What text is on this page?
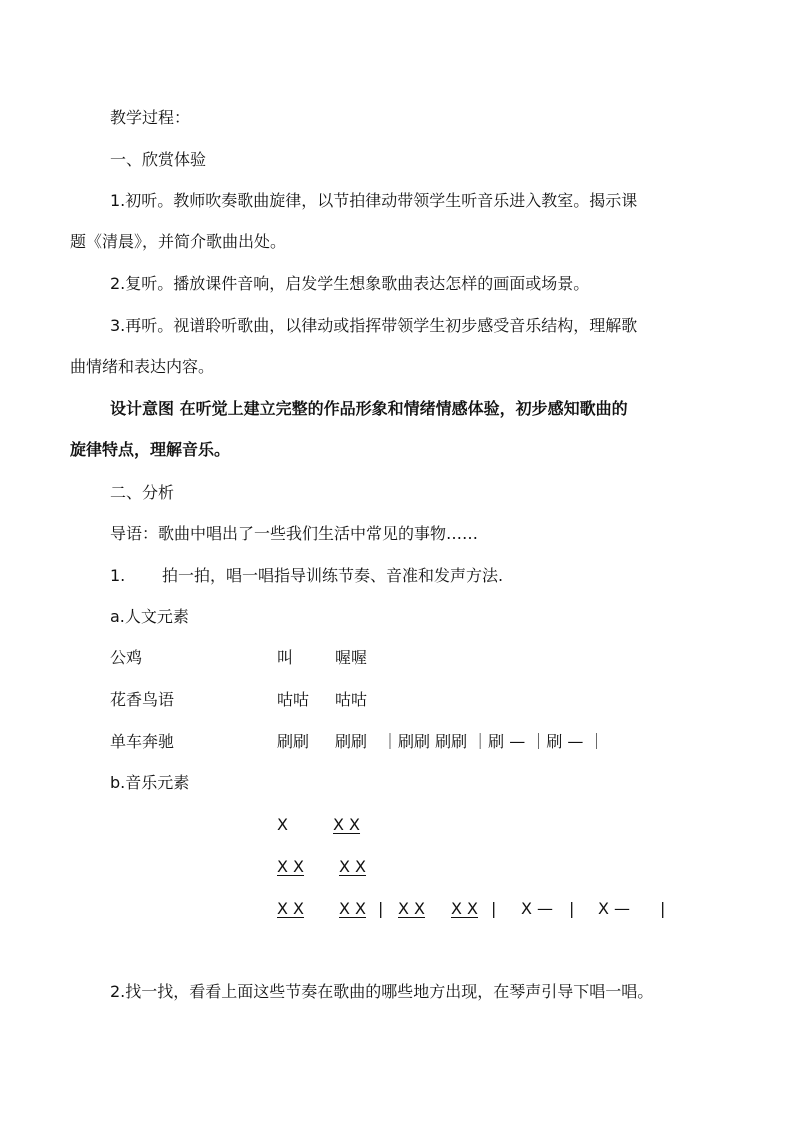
教学过程：
一、欣赏体验
1.初听。教师吹奏歌曲旋律，以节拍律动带领学生听音乐进入教室。揭示课
题《清晨》，并简介歌曲出处。
2.复听。播放课件音响，启发学生想象歌曲表达怎样的画面或场景。
3.再听。视谱聆听歌曲，以律动或指挥带领学生初步感受音乐结构，理解歌
曲情绪和表达内容。
设计意图 在听觉上建立完整的作品形象和情绪情感体验，初步感知歌曲的
旋律特点，理解音乐。
二、分析
导语：歌曲中唱出了一些我们生活中常见的事物……
1. 拍一拍，唱一唱指导训练节奏、音准和发声方法.
a.人文元素
公鸡	叫	喔喔
花香鸟语	咕咕 咕咕
单车奔驰	刷刷 刷刷 ｜刷刷 刷刷 ｜刷 — ｜刷 — ｜
b.音乐元素
X	X X
X X X X
X X X X | X X X X | X — | X — |
2.找一找，看看上面这些节奏在歌曲的哪些地方出现，在琴声引导下唱一唱。
